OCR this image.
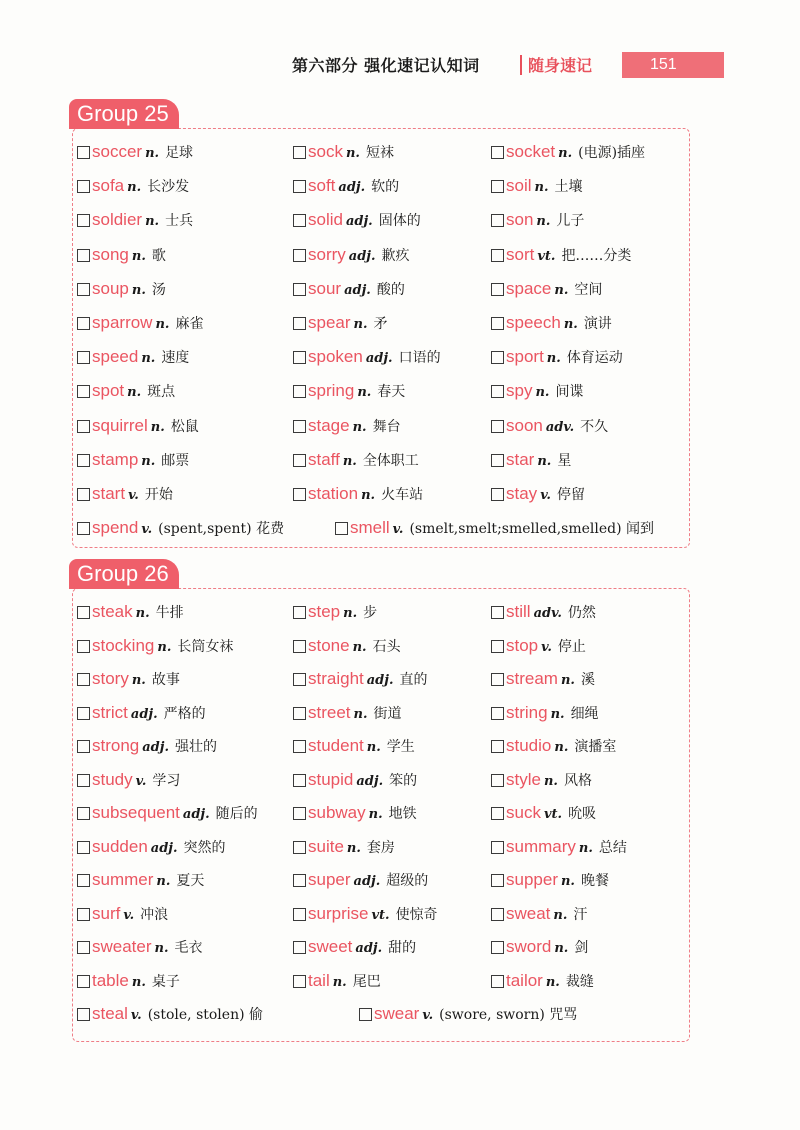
第六部分 强化速记认知词	随身速记	151
Group 25
soccer n. 足球	sock n. 短袜	socket n. (电源)插座
sofa n. 长沙发	soft adj. 软的	soil n. 土壤
soldier n. 士兵	solid adj. 固体的	son n. 儿子
song n. 歌	sorry adj. 歉疚	sort vt. 把……分类
soup n. 汤	sour adj. 酸的	space n. 空间
sparrow n. 麻雀	spear n. 矛	speech n. 演讲
speed n. 速度	spoken adj. 口语的	sport n. 体育运动
spot n. 斑点	spring n. 春天	spy n. 间谍
squirrel n. 松鼠	stage n. 舞台	soon adv. 不久
stamp n. 邮票	staff n. 全体职工	star n. 星
start v. 开始	station n. 火车站	stay v. 停留
spend v. (spent,spent) 花费	smell v. (smelt,smelt;smelled,smelled) 闻到
Group 26
steak n. 牛排	step n. 步	still adv. 仍然
stocking n. 长筒女袜	stone n. 石头	stop v. 停止
story n. 故事	straight adj. 直的	stream n. 溪
strict adj. 严格的	street n. 街道	string n. 细绳
strong adj. 强壮的	student n. 学生	studio n. 演播室
study v. 学习	stupid adj. 笨的	style n. 风格
subsequent adj. 随后的	subway n. 地铁	suck vt. 吮吸
sudden adj. 突然的	suite n. 套房	summary n. 总结
summer n. 夏天	super adj. 超级的	supper n. 晚餐
surf v. 冲浪	surprise vt. 使惊奇	sweat n. 汗
sweater n. 毛衣	sweet adj. 甜的	sword n. 剑
table n. 桌子	tail n. 尾巴	tailor n. 裁缝
steal v. (stole, stolen) 偷	swear v. (swore, sworn) 咒骂
